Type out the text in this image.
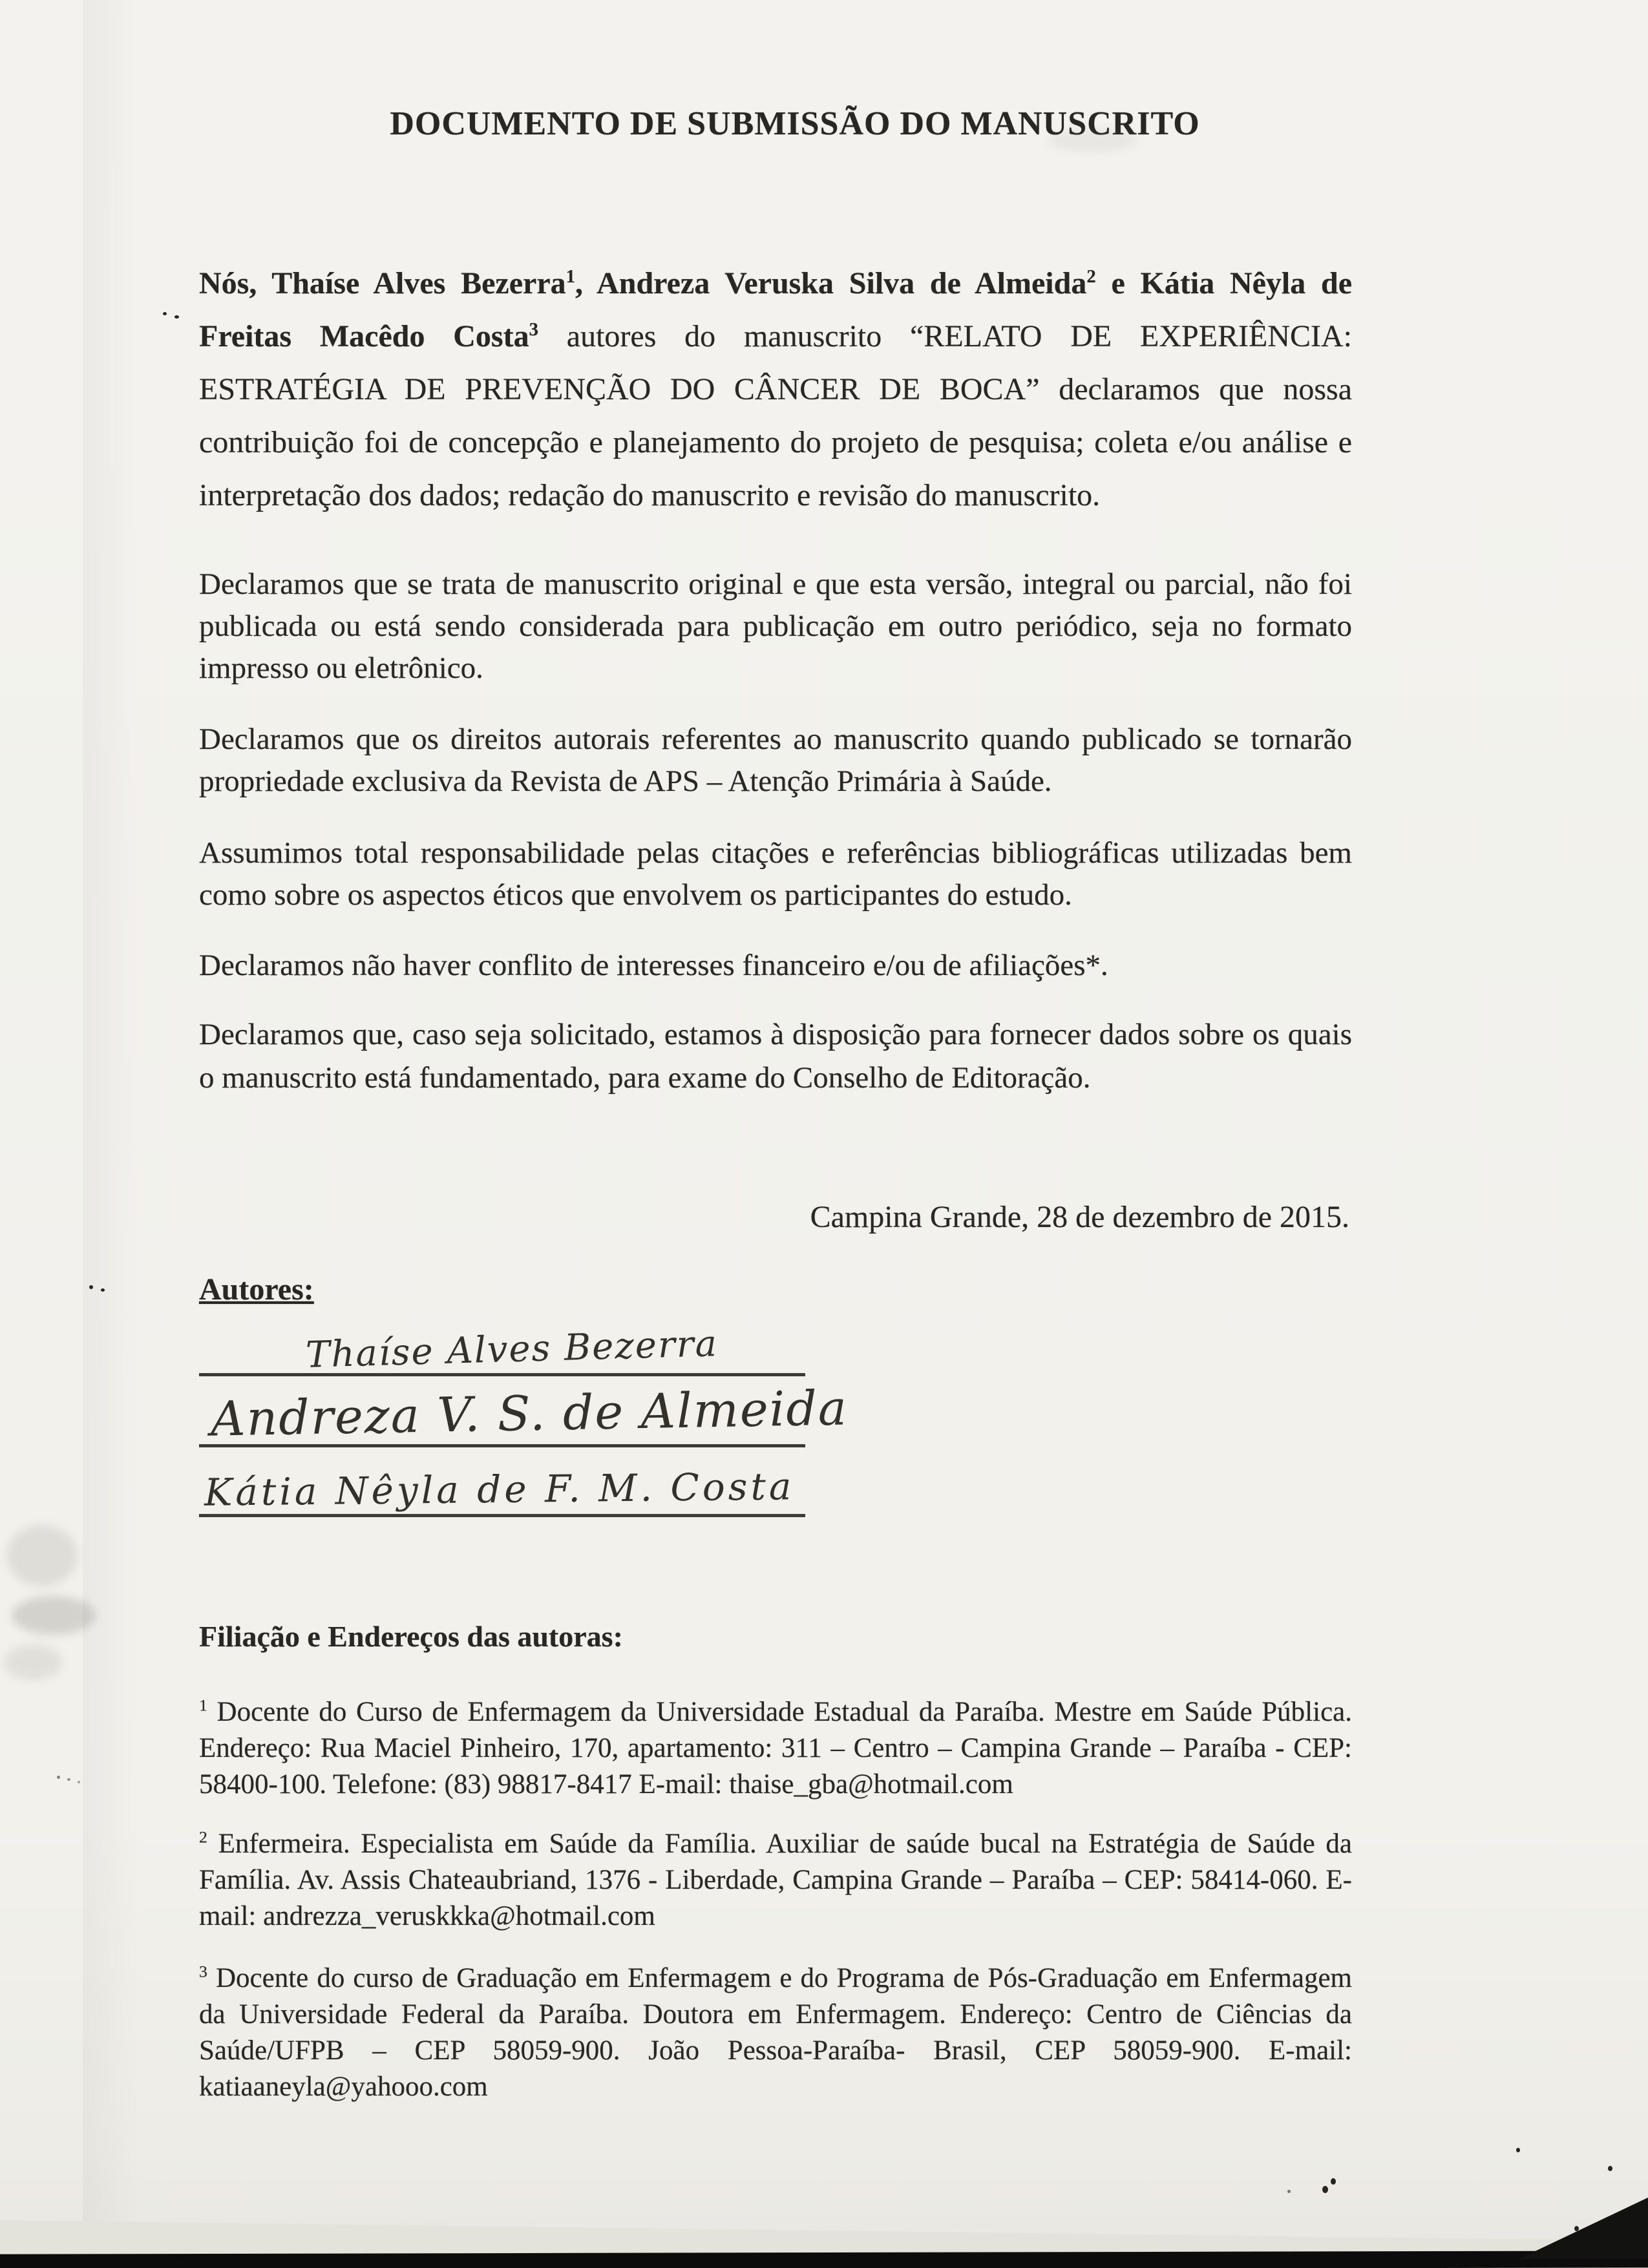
DOCUMENTO DE SUBMISSÃO DO MANUSCRITO
Nós, Thaíse Alves Bezerra$^1$, Andreza Veruska Silva de Almeida$^2$ e Kátia Nêyla de Freitas Macêdo Costa$^3$ autores do manuscrito “RELATO DE EXPERIÊNCIA: ESTRATÉGIA DE PREVENÇÃO DO CÂNCER DE BOCA” declaramos que nossa contribuição foi de concepção e planejamento do projeto de pesquisa; coleta e/ou análise e interpretação dos dados; redação do manuscrito e revisão do manuscrito.
Declaramos que se trata de manuscrito original e que esta versão, integral ou parcial, não foi publicada ou está sendo considerada para publicação em outro periódico, seja no formato impresso ou eletrônico.
Declaramos que os direitos autorais referentes ao manuscrito quando publicado se tornarão propriedade exclusiva da Revista de APS – Atenção Primária à Saúde.
Assumimos total responsabilidade pelas citações e referências bibliográficas utilizadas bem como sobre os aspectos éticos que envolvem os participantes do estudo.
Declaramos não haver conflito de interesses financeiro e/ou de afiliações*.
Declaramos que, caso seja solicitado, estamos à disposição para fornecer dados sobre os quais o manuscrito está fundamentado, para exame do Conselho de Editoração.
Campina Grande, 28 de dezembro de 2015.
Autores:
Thaíse Alves Bezerra
Andreza V. S. de Almeida
Kátia Nêyla de F. M. Costa
Filiação e Endereços das autoras:
$^1$ Docente do Curso de Enfermagem da Universidade Estadual da Paraíba. Mestre em Saúde Pública. Endereço: Rua Maciel Pinheiro, 170, apartamento: 311 – Centro – Campina Grande – Paraíba - CEP: 58400-100. Telefone: (83) 98817-8417 E-mail: thaise_gba@hotmail.com
$^2$ Enfermeira. Especialista em Saúde da Família. Auxiliar de saúde bucal na Estratégia de Saúde da Família. Av. Assis Chateaubriand, 1376 - Liberdade, Campina Grande – Paraíba – CEP: 58414-060. E-mail: andrezza_veruskkka@hotmail.com
$^3$ Docente do curso de Graduação em Enfermagem e do Programa de Pós-Graduação em Enfermagem da Universidade Federal da Paraíba. Doutora em Enfermagem. Endereço: Centro de Ciências da Saúde/UFPB – CEP 58059-900. João Pessoa-Paraíba- Brasil, CEP 58059-900. E-mail: katiaaneyla@yahooo.com
